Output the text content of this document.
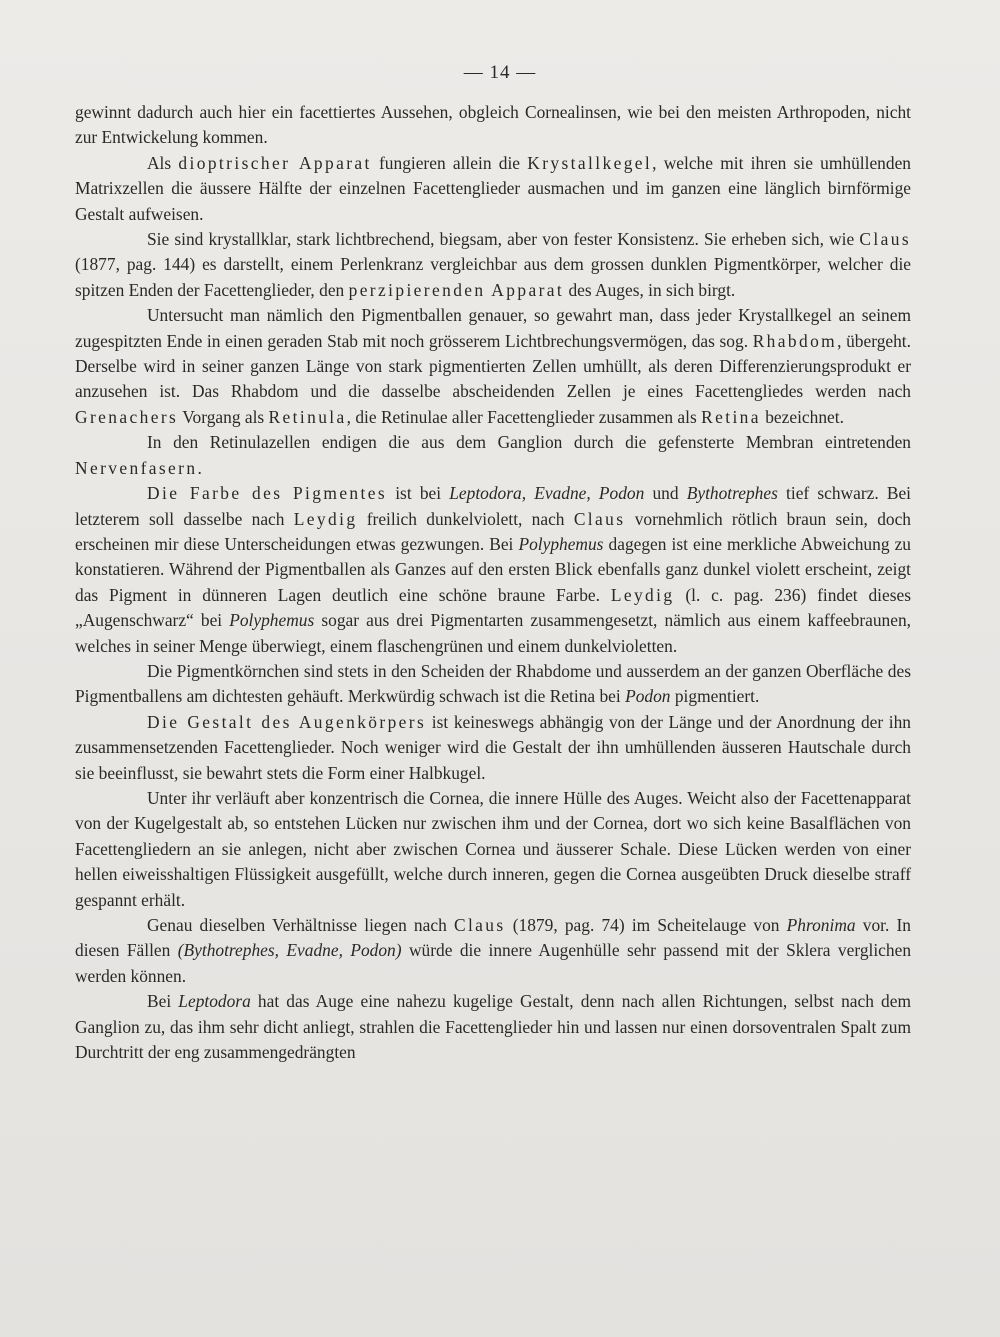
— 14 —

gewinnt dadurch auch hier ein facettiertes Aussehen, obgleich Cornealinsen, wie bei den meisten Arthropoden, nicht zur Entwickelung kommen.

Als dioptrischer Apparat fungieren allein die Krystallkegel, welche mit ihren sie umhüllenden Matrixzellen die äussere Hälfte der einzelnen Facettenglieder ausmachen und im ganzen eine länglich birnförmige Gestalt aufweisen.

Sie sind krystallklar, stark lichtbrechend, biegsam, aber von fester Konsistenz. Sie erheben sich, wie Claus (1877, pag. 144) es darstellt, einem Perlenkranz vergleichbar aus dem grossen dunklen Pigmentkörper, welcher die spitzen Enden der Facettenglieder, den perzipierenden Apparat des Auges, in sich birgt.

Untersucht man nämlich den Pigmentballen genauer, so gewahrt man, dass jeder Krystallkegel an seinem zugespitzten Ende in einen geraden Stab mit noch grösserem Lichtbrechungsvermögen, das sog. Rhabdom, übergeht. Derselbe wird in seiner ganzen Länge von stark pigmentierten Zellen umhüllt, als deren Differenzierungsprodukt er anzusehen ist. Das Rhabdom und die dasselbe abscheidenden Zellen je eines Facettengliedes werden nach Grenachers Vorgang als Retinula, die Retinulae aller Facettenglieder zusammen als Retina bezeichnet.

In den Retinulazellen endigen die aus dem Ganglion durch die gefensterte Membran eintretenden Nervenfasern.

Die Farbe des Pigmentes ist bei Leptodora, Evadne, Podon und Bythotrephes tief schwarz. Bei letzterem soll dasselbe nach Leydig freilich dunkelviolett, nach Claus vornehmlich rötlich braun sein, doch erscheinen mir diese Unterscheidungen etwas gezwungen. Bei Polyphemus dagegen ist eine merkliche Abweichung zu konstatieren. Während der Pigmentballen als Ganzes auf den ersten Blick ebenfalls ganz dunkel violett erscheint, zeigt das Pigment in dünneren Lagen deutlich eine schöne braune Farbe. Leydig (l. c. pag. 236) findet dieses „Augenschwarz“ bei Polyphemus sogar aus drei Pigmentarten zusammengesetzt, nämlich aus einem kaffeebraunen, welches in seiner Menge überwiegt, einem flaschengrünen und einem dunkelvioletten.

Die Pigmentkörnchen sind stets in den Scheiden der Rhabdome und ausserdem an der ganzen Oberfläche des Pigmentballens am dichtesten gehäuft. Merkwürdig schwach ist die Retina bei Podon pigmentiert.

Die Gestalt des Augenkörpers ist keineswegs abhängig von der Länge und der Anordnung der ihn zusammensetzenden Facettenglieder. Noch weniger wird die Gestalt der ihn umhüllenden äusseren Hautschale durch sie beeinflusst, sie bewahrt stets die Form einer Halbkugel.

Unter ihr verläuft aber konzentrisch die Cornea, die innere Hülle des Auges. Weicht also der Facettenapparat von der Kugelgestalt ab, so entstehen Lücken nur zwischen ihm und der Cornea, dort wo sich keine Basalflächen von Facettengliedern an sie anlegen, nicht aber zwischen Cornea und äusserer Schale. Diese Lücken werden von einer hellen eiweisshaltigen Flüssigkeit ausgefüllt, welche durch inneren, gegen die Cornea ausgeübten Druck dieselbe straff gespannt erhält.

Genau dieselben Verhältnisse liegen nach Claus (1879, pag. 74) im Scheitelauge von Phronima vor. In diesen Fällen (Bythotrephes, Evadne, Podon) würde die innere Augenhülle sehr passend mit der Sklera verglichen werden können.

Bei Leptodora hat das Auge eine nahezu kugelige Gestalt, denn nach allen Richtungen, selbst nach dem Ganglion zu, das ihm sehr dicht anliegt, strahlen die Facettenglieder hin und lassen nur einen dorsoventralen Spalt zum Durchtritt der eng zusammengedrängten
